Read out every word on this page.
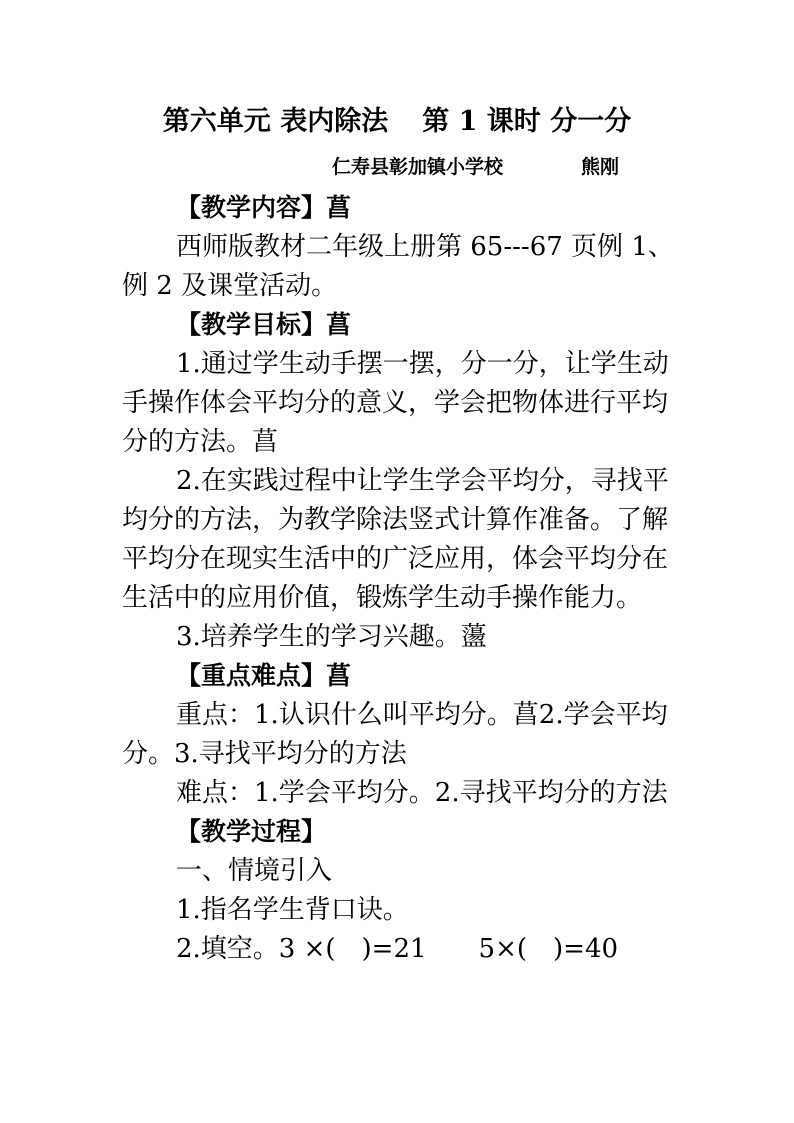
第六单元 表内除法 第 1 课时 分一分
仁寿县彰加镇小学校	熊刚
【教学内容】菖
西师版教材二年级上册第 65---67 页例 1、
例 2 及课堂活动。
【教学目标】菖
1.通过学生动手摆一摆，分一分，让学生动
手操作体会平均分的意义，学会把物体进行平均
分的方法。菖
2.在实践过程中让学生学会平均分，寻找平
均分的方法，为教学除法竖式计算作准备。了解
平均分在现实生活中的广泛应用，体会平均分在
生活中的应用价值，锻炼学生动手操作能力。
3.培养学生的学习兴趣。蘯
【重点难点】菖
重点：1.认识什么叫平均分。菖2.学会平均
分。3.寻找平均分的方法
难点：1.学会平均分。2.寻找平均分的方法
【教学过程】
一、情境引入
1.指名学生背口诀。
2.填空。3 ×(　)=21　　5×(　)=40
